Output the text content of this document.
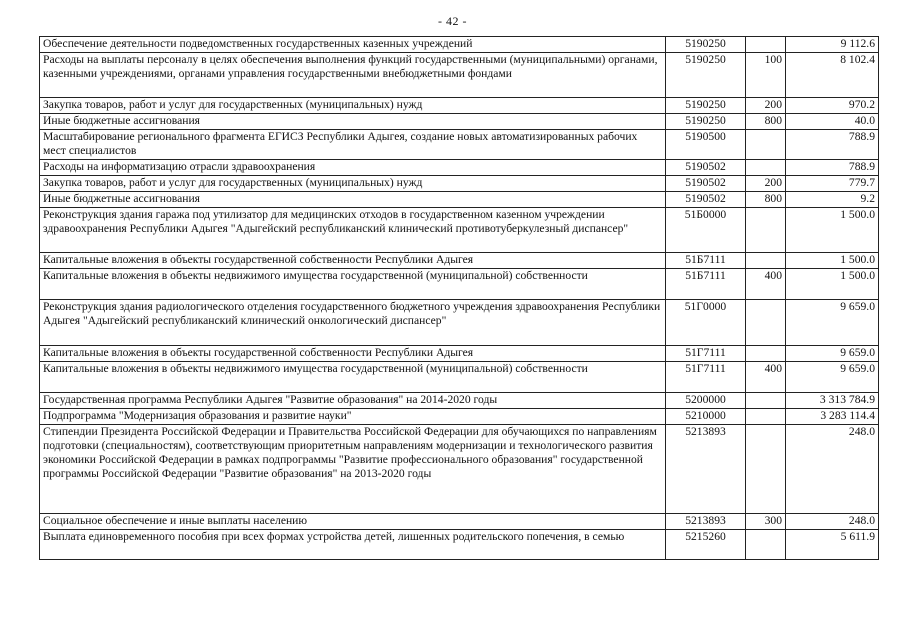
- 42 -
Обеспечение деятельности подведомственных государственных казенных учреждений	5190250		9 112.6
Расходы на выплаты персоналу в целях обеспечения выполнения функций государственными (муниципальными) органами, казенными учреждениями, органами управления государственными внебюджетными фондами	5190250	100	8 102.4
Закупка товаров, работ и услуг для государственных (муниципальных) нужд	5190250	200	970.2
Иные бюджетные ассигнования	5190250	800	40.0
Масштабирование регионального фрагмента ЕГИСЗ Республики Адыгея, создание новых автоматизированных рабочих мест специалистов	5190500		788.9
Расходы на информатизацию отрасли здравоохранения	5190502		788.9
Закупка товаров, работ и услуг для государственных (муниципальных) нужд	5190502	200	779.7
Иные бюджетные ассигнования	5190502	800	9.2
Реконструкция здания гаража под утилизатор для медицинских отходов в государственном казенном учреждении здравоохранения Республики Адыгея "Адыгейский республиканский клинический противотуберкулезный диспансер"	51Б0000		1 500.0
Капитальные вложения в объекты государственной собственности Республики Адыгея	51Б7111		1 500.0
Капитальные вложения в объекты недвижимого имущества государственной (муниципальной) собственности	51Б7111	400	1 500.0
Реконструкция здания радиологического отделения государственного бюджетного учреждения здравоохранения Республики Адыгея "Адыгейский республиканский клинический онкологический диспансер"	51Г0000		9 659.0
Капитальные вложения в объекты государственной собственности Республики Адыгея	51Г7111		9 659.0
Капитальные вложения в объекты недвижимого имущества государственной (муниципальной) собственности	51Г7111	400	9 659.0
Государственная программа Республики Адыгея "Развитие образования" на 2014-2020 годы	5200000		3 313 784.9
Подпрограмма "Модернизация образования и развитие науки"	5210000		3 283 114.4
Стипендии Президента Российской Федерации и Правительства Российской Федерации для обучающихся по направлениям подготовки (специальностям), соответствующим приоритетным направлениям модернизации и технологического развития экономики Российской Федерации в рамках подпрограммы "Развитие профессионального образования" государственной программы Российской Федерации "Развитие образования" на 2013-2020 годы	5213893		248.0
Социальное обеспечение и иные выплаты населению	5213893	300	248.0
Выплата единовременного пособия при всех формах устройства детей, лишенных родительского попечения, в семью	5215260		5 611.9
